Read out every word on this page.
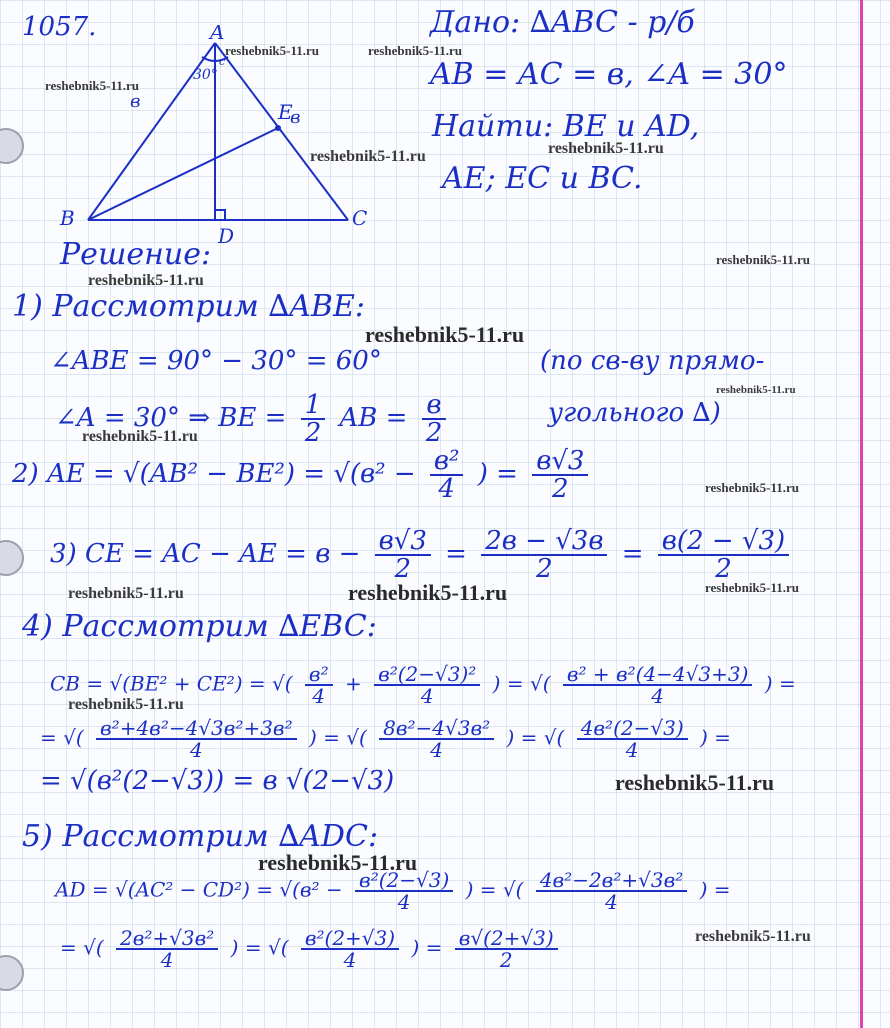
1057.	A
B	C
D
E
в
в
30°
с
Дано: ∆ABC - р/б
AB = AC = в, ∠A = 30°
Найти: BE и AD,
AE; EC и BC.
Решение:
1) Рассмотрим ∆ABE:
∠ABE = 90° − 30° = 60°	(по св-ву прямо-
∠A = 30° ⇒ BE = $\frac{1}{2}$ AB = $\frac{в}{2}$	угольного ∆)
2) AE = $√(AB^2 - BE^2) = √(в^2 - \frac{\text{в²}}{4}$ ) = $\frac{в√3}{2}$
3) CE = AC − AE = $в - \frac{в√3}{2} = \frac{2в - √3в}{2} = \frac{в(2 - √3)}{2}$
4) Рассмотрим ∆EBC:
CB = √(BE² + CE²) = √( $\frac{\text{в²}}{4} + \frac{\text{в²(2−√3)²}}{4}$ ) = √( $\frac{\text{в² + в²(4−4√3+3)}}{4}$ ) =
= √( $\frac{\text{в²+4в²−4√3в²+3в²}}{4}$ ) = √( $\frac{\text{8в²−4√3в²}}{4}$ ) = √( $\frac{\text{4в²(2−√3)}}{4}$ ) =
= √(в²(2−√3)) = в √(2−√3)
5) Рассмотрим ∆ADC:
AD = $√(AC^2 - CD^2) = √(в^2 - \frac{\text{в²(2−√3)}}{4}$ ) = √( $\frac{\text{4в²−2в²+√3в²}}{4}$ ) =
= √( $\frac{\text{2в²+√3в²}}{4}$ ) = √( $\frac{\text{в²(2+√3)}}{4}$ ) = $\frac{в√(2+√3)}{2}$
reshebnik5-11.ru	reshebnik5-11.ru
reshebnik5-11.ru
reshebnik5-11.ru	reshebnik5-11.ru
reshebnik5-11.ru
reshebnik5-11.ru
reshebnik5-11.ru
reshebnik5-11.ru
reshebnik5-11.ru
reshebnik5-11.ru
reshebnik5-11.ru	reshebnik5-11.ru	reshebnik5-11.ru
reshebnik5-11.ru
reshebnik5-11.ru
reshebnik5-11.ru
reshebnik5-11.ru
